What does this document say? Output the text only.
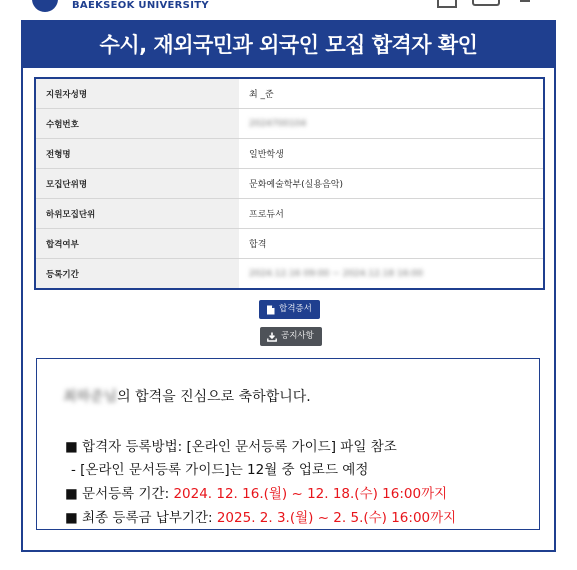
BAEKSEOK UNIVERSITY
수시, 재외국민과 외국인 모집 합격자 확인
지원자성명	최 _준
수험번호	2024700104
전형명	일반학생
모집단위명	문화예술학부(실용음악)
하위모집단위	프로듀서
합격여부	합격
등록기간	2024.12.16 09:00 ~ 2024.12.18 16:00
합격증서
공지사항
최하준님의 합격을 진심으로 축하합니다.
■ 합격자 등록방법: [온라인 문서등록 가이드] 파일 참조
- [온라인 문서등록 가이드]는 12월 중 업로드 예정
■ 문서등록 기간: 2024. 12. 16.(월) ~ 12. 18.(수) 16:00까지
■ 최종 등록금 납부기간: 2025. 2. 3.(월) ~ 2. 5.(수) 16:00까지
